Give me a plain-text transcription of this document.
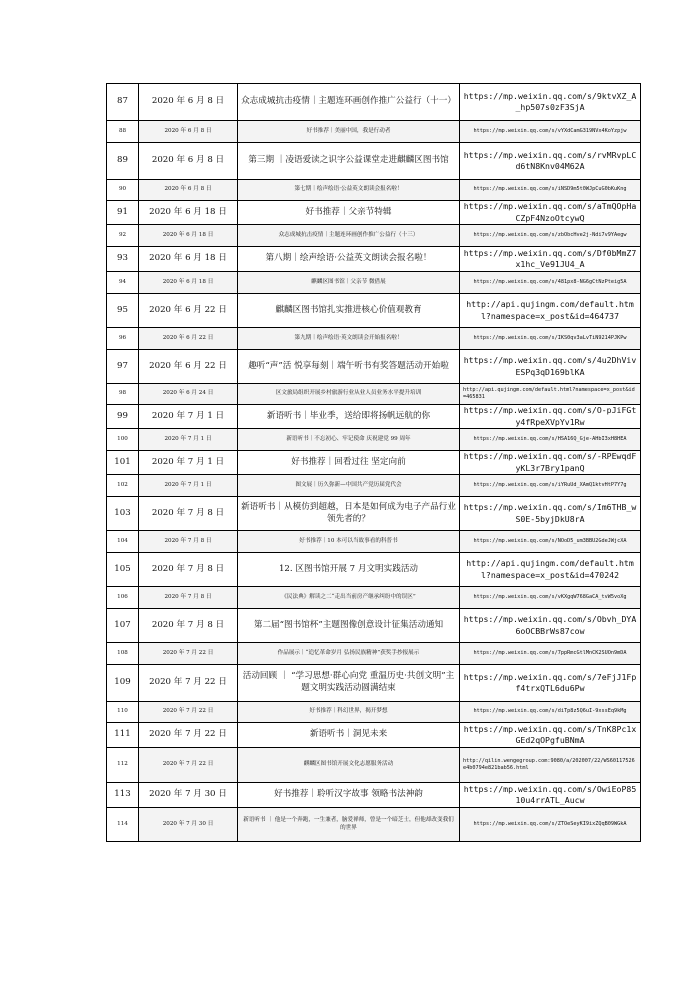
87	2020 年 6 月 8 日	众志成城抗击疫情｜主题连环画创作推广公益行（十一）	https://mp.weixin.qq.com/s/9ktvXZ_A_hp507s0zF3SjA
88	2020 年 6 月 8 日	好书推荐｜美丽中国，我是行动者	https://mp.weixin.qq.com/s/vYXdCamG319NVx4KoYzpjw
89	2020 年 6 月 8 日	第三期 ｜凌语爱读之识字公益课堂走进麒麟区图书馆	https://mp.weixin.qq.com/s/rvMRvpLCd6tN8Knv04M62A
90	2020 年 6 月 8 日	第七期｜绘声绘语·公益英文朗读会报名啦！	https://mp.weixin.qq.com/s/iNSD9m5t0WJpCuG0bKuKng
91	2020 年 6 月 18 日	好书推荐｜父亲节特辑	https://mp.weixin.qq.com/s/aTmQOpHaCZpF4NzoOtcywQ
92	2020 年 6 月 18 日	众志成城抗击疫情｜主题连环画创作推广公益行（十三）	https://mp.weixin.qq.com/s/zbObcHve2j-Ndi7v9YAegw
93	2020 年 6 月 18 日	第八期｜绘声绘语·公益英文朗读会报名啦！	https://mp.weixin.qq.com/s/Df0bMmZ7x1hc_Ve91JU4_A
94	2020 年 6 月 18 日	麒麟区图书馆｜父亲节 微借展	https://mp.weixin.qq.com/s/481px8-NG6gCtNzPteig5A
95	2020 年 6 月 22 日	麒麟区图书馆扎实推进核心价值观教育	http://api.qujingm.com/default.html?namespace=x_post&id=464737
96	2020 年 6 月 22 日	第九期｜绘声绘语·英文朗读会开始报名啦！	https://mp.weixin.qq.com/s/IKS0qv3aLvTiN9214PJKPw
97	2020 年 6 月 22 日	趣听“声”活 悦享每刻｜端午听书有奖答题活动开始啦	https://mp.weixin.qq.com/s/4u2DhVivESPq3qD169blKA
98	2020 年 6 月 24 日	区文旅局组织开展乡村旅游行业从业人员业务水平提升培训	http://api.qujingm.com/default.html?namespace=x_post&id=465831
99	2020 年 7 月 1 日	新语听书｜毕业季，送给即将扬帆远航的你	https://mp.weixin.qq.com/s/O-pJiFGty4fRpeXVpYv1Rw
100	2020 年 7 月 1 日	新语听书｜不忘初心、牢记使命 庆祝建党 99 周年	https://mp.weixin.qq.com/s/HSA16Q_Gje-AHbI3xH8HEA
101	2020 年 7 月 1 日	好书推荐｜回看过往 坚定向前	https://mp.weixin.qq.com/s/-RPEwqdFyKL3r7Bry1panQ
102	2020 年 7 月 1 日	图文展｜历久弥新—中国共产党历届党代会	https://mp.weixin.qq.com/s/iYRuUd_XAmQ1ktvHtP7Y7g
103	2020 年 7 月 8 日	新语听书｜从模仿到超越，日本是如何成为电子产品行业领先者的？	https://mp.weixin.qq.com/s/Im6THB_wS0E-5byjDkU8rA
104	2020 年 7 月 8 日	好书推荐｜10 本可以当故事看的科普书	https://mp.weixin.qq.com/s/NOoD5_um3BBU2GdeJWjcXA
105	2020 年 7 月 8 日	12. 区图书馆开展 7 月文明实践活动	http://api.qujingm.com/default.html?namespace=x_post&id=470242
106	2020 年 7 月 8 日	《民法典》解读之二“走出当前房产继承纠纷中的误区”	https://mp.weixin.qq.com/s/vKXgqW768GaCA_tvW5voXg
107	2020 年 7 月 8 日	第二届“图书馆杯”主题图像创意设计征集活动通知	https://mp.weixin.qq.com/s/Obvh_DYA6oOCBBrWs87cow
108	2020 年 7 月 22 日	作品展示｜“追忆革命岁月 弘扬民族精神”获奖手抄报展示	https://mp.weixin.qq.com/s/7ppRmcGtlMnCK2SUOn9mDA
109	2020 年 7 月 22 日	活动回顾 ｜ “学习思想·群心向党 重温历史·共创文明”主题文明实践活动圆满结束	https://mp.weixin.qq.com/s/7eFjJ1Fpf4trxQTL6du6Pw
110	2020 年 7 月 22 日	好书推荐｜科幻世界，揭开梦想	https://mp.weixin.qq.com/s/diTp8z5Q6uI-9xssEq9kMg
111	2020 年 7 月 22 日	新语听书｜洞见未来	https://mp.weixin.qq.com/s/TnK8Pc1xGEd2qOPgfuBNmA
112	2020 年 7 月 22 日	麒麟区图书馆开展文化志愿服务活动	http://qilin.wengegroup.com:9080/a/202007/22/WS60117526e4b0794e821bab56.html
113	2020 年 7 月 30 日	好书推荐｜聆听汉字故事 领略书法神韵	https://mp.weixin.qq.com/s/OwiEoP8510u4rrATL_Aucw
114	2020 年 7 月 30 日	新语听书 ｜ 他是一个奔跑，一生兼者，脑爱禅师，曾是一个暗芝士，但他却改变我们的世界	https://mp.weixin.qq.com/s/ZTOeSeyKI9ixZQqB09WGkA
